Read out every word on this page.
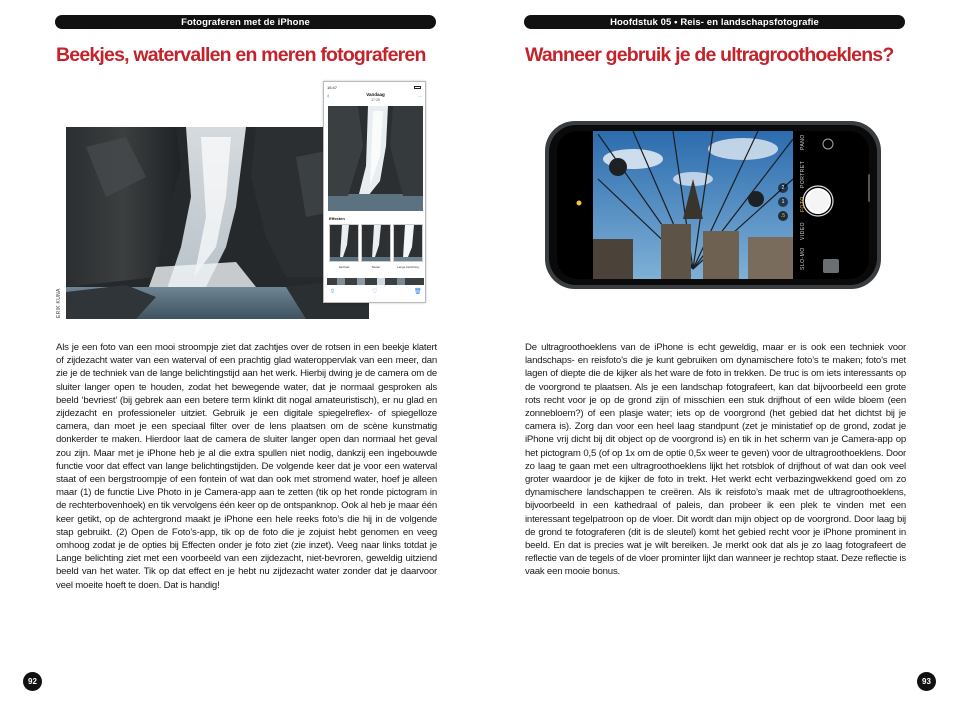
Fotograferen met de iPhone
Beekjes, watervallen en meren fotograferen
ERIK KUNA
16:47
‹	Vandaag
17:25
⋯
Effecten
Herhaal	Stuiter	Lange belichting
⇧	♡	🗑
Als je een foto van een mooi stroompje ziet dat zachtjes over de rotsen in een beekje klatert of zijdezacht water van een waterval of een prachtig glad wateroppervlak van een meer, dan zie je de techniek van de lange belichtingstijd aan het werk. Hierbij dwing je de camera om de sluiter langer open te houden, zodat het bewegende water, dat je normaal gesproken als beeld ‘bevriest’ (bij gebrek aan een betere term klinkt dit nogal amateuristisch), er nu glad en zijdezacht en professioneler uitziet. Gebruik je een digitale spiegelreflex- of spiegelloze camera, dan moet je een speciaal filter over de lens plaatsen om de scène kunstmatig donkerder te maken. Hierdoor laat de camera de sluiter langer open dan normaal het geval zou zijn. Maar met je iPhone heb je al die extra spullen niet nodig, dankzij een ingebouwde functie voor dat effect van lange belichtingstijden. De volgende keer dat je voor een waterval staat of een bergstroompje of een fontein of wat dan ook met stromend water, hoef je alleen maar (1) de functie Live Photo in je Camera-app aan te zetten (tik op het ronde pictogram in de rechterbovenhoek) en tik vervolgens één keer op de ontspanknop. Ook al heb je maar één keer getikt, op de achtergrond maakt je iPhone een hele reeks foto’s die hij in de volgende stap gebruikt. (2) Open de Foto’s-app, tik op de foto die je zojuist hebt genomen en veeg omhoog zodat je de opties bij Effecten onder je foto ziet (zie inzet). Veeg naar links totdat je Lange belichting ziet met een voorbeeld van een zijdezacht, niet-bevroren, geweldig uitziend beeld van het water. Tik op dat effect en je hebt nu zijdezacht water zonder dat je daarvoor veel moeite hoeft te doen. Dat is handig!
92
Hoofdstuk 05 • Reis- en landschapsfotografie
Wanneer gebruik je de ultragroothoeklens?
De ultragroothoeklens van de iPhone is echt geweldig, maar er is ook een techniek voor landschaps- en reisfoto’s die je kunt gebruiken om dynamischere foto’s te maken; foto’s met lagen of diepte die de kijker als het ware de foto in trekken. De truc is om iets interessants op de voorgrond te plaatsen. Als je een landschap fotografeert, kan dat bijvoorbeeld een grote rots recht voor je op de grond zijn of misschien een stuk drijfhout of een wilde bloem (een zonnebloem?) of een plasje water; iets op de voorgrond (het gebied dat het dichtst bij je camera is). Zorg dan voor een heel laag standpunt (zet je ministatief op de grond, zodat je iPhone vrij dicht bij dit object op de voorgrond is) en tik in het scherm van je Camera-app op het pictogram 0,5 (of op 1x om de optie 0,5x weer te geven) voor de ultragroothoeklens. Door zo laag te gaan met een ultragroothoeklens lijkt het rotsblok of drijfhout of wat dan ook veel groter waardoor je de kijker de foto in trekt. Het werkt echt verbazingwekkend goed om zo dynamischere landschappen te creëren. Als ik reisfoto’s maak met de ultragroothoeklens, bijvoorbeeld in een kathedraal of paleis, dan probeer ik een plek te vinden met een interessant tegelpatroon op de vloer. Dit wordt dan mijn object op de voorgrond. Door laag bij de grond te fotograferen (dit is de sleutel) komt het gebied recht voor je iPhone prominent in beeld. En dat is precies wat je wilt bereiken. Je merkt ook dat als je zo laag fotografeert de reflectie van de tegels of de vloer prominter lijkt dan wanneer je rechtop staat. Deze reflectie is vaak een mooie bonus.
93
PANO
PORTRET
FOTO
VIDEO
SLO-MO
2
1
.5
